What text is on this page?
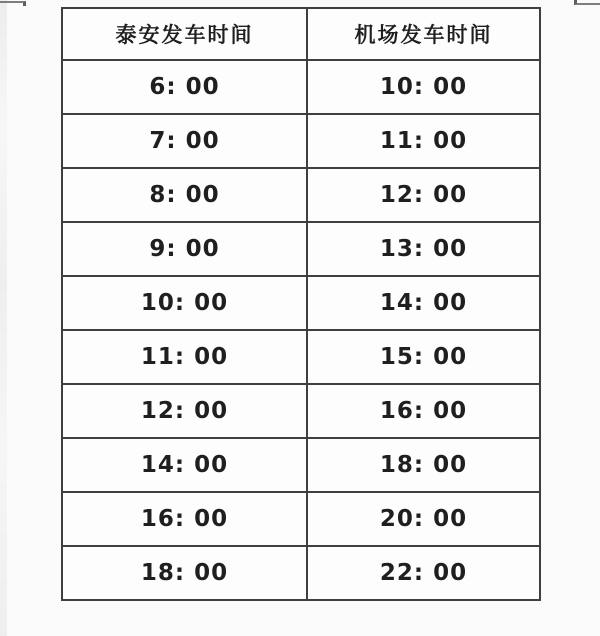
泰安发车时间	机场发车时间
6: 00	10: 00
7: 00	11: 00
8: 00	12: 00
9: 00	13: 00
10: 00	14: 00
11: 00	15: 00
12: 00	16: 00
14: 00	18: 00
16: 00	20: 00
18: 00	22: 00
